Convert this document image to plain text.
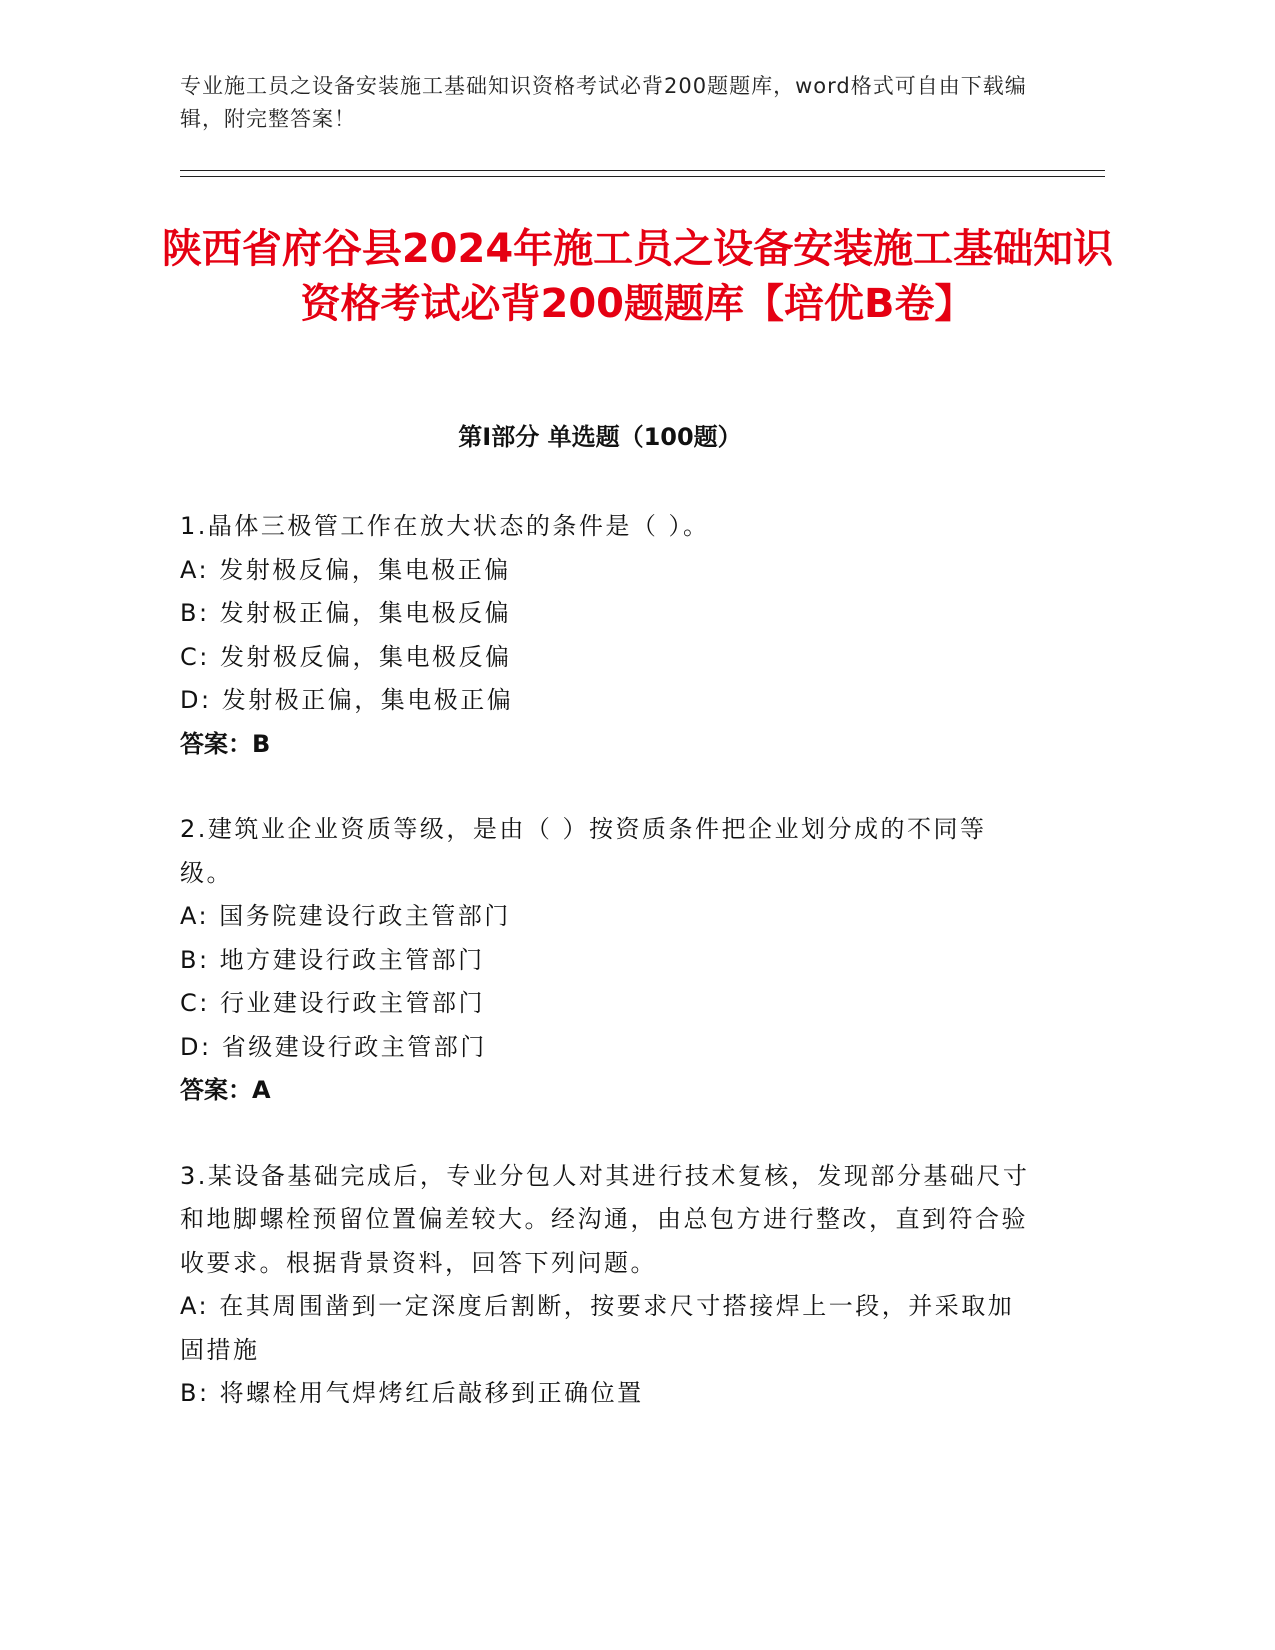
专业施工员之设备安装施工基础知识资格考试必背200题题库，word格式可自由下载编辑，附完整答案！
陕西省府谷县2024年施工员之设备安装施工基础知识资格考试必背200题题库【培优B卷】
第Ⅰ部分 单选题（100题）
1.晶体三极管工作在放大状态的条件是（ ）。
A: 发射极反偏，集电极正偏
B: 发射极正偏，集电极反偏
C: 发射极反偏，集电极反偏
D: 发射极正偏，集电极正偏
答案：B
2.建筑业企业资质等级，是由（ ）按资质条件把企业划分成的不同等级。
A: 国务院建设行政主管部门
B: 地方建设行政主管部门
C: 行业建设行政主管部门
D: 省级建设行政主管部门
答案：A
3.某设备基础完成后，专业分包人对其进行技术复核，发现部分基础尺寸和地脚螺栓预留位置偏差较大。经沟通，由总包方进行整改，直到符合验收要求。根据背景资料，回答下列问题。
A: 在其周围凿到一定深度后割断，按要求尺寸搭接焊上一段，并采取加固措施
B: 将螺栓用气焊烤红后敲移到正确位置
